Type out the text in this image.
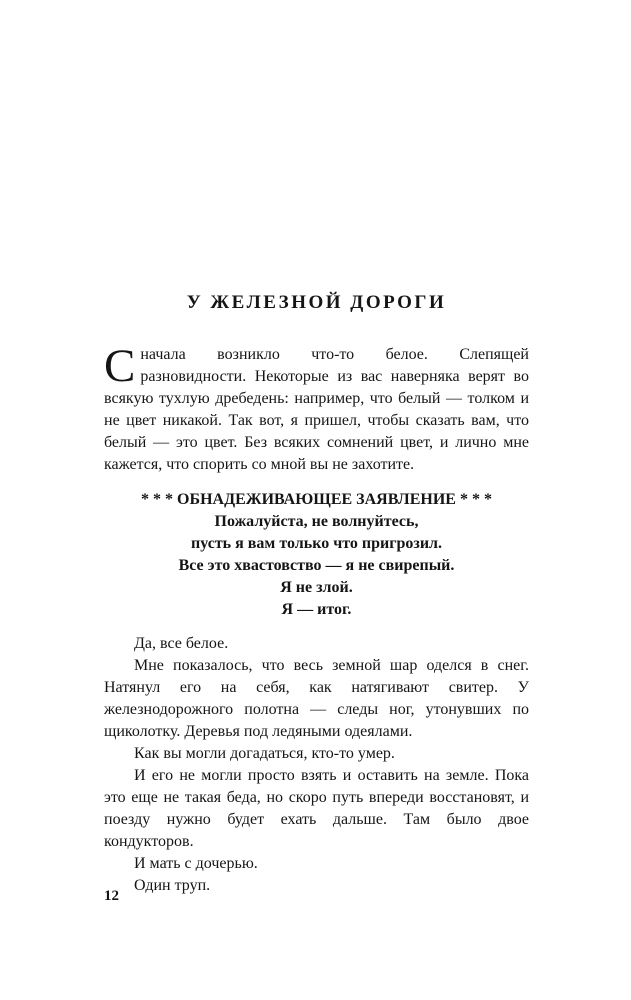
У ЖЕЛЕЗНОЙ ДОРОГИ

Сначала возникло что-то белое. Слепящей разновидности. Некоторые из вас наверняка верят во всякую тухлую дребедень: например, что белый — толком и не цвет никакой. Так вот, я пришел, чтобы сказать вам, что белый — это цвет. Без всяких сомнений цвет, и лично мне кажется, что спорить со мной вы не захотите.

* * * ОБНАДЕЖИВАЮЩЕЕ ЗАЯВЛЕНИЕ * * *
Пожалуйста, не волнуйтесь,
пусть я вам только что пригрозил.
Все это хвастовство — я не свирепый.
Я не злой.
Я — итог.

Да, все белое.

Мне показалось, что весь земной шар оделся в снег. Натянул его на себя, как натягивают свитер. У железнодорожного полотна — следы ног, утонувших по щиколотку. Деревья под ледяными одеялами.

Как вы могли догадаться, кто-то умер.

И его не могли просто взять и оставить на земле. Пока это еще не такая беда, но скоро путь впереди восстановят, и поезду нужно будет ехать дальше. Там было двое кондукторов.

И мать с дочерью.

Один труп.

12
